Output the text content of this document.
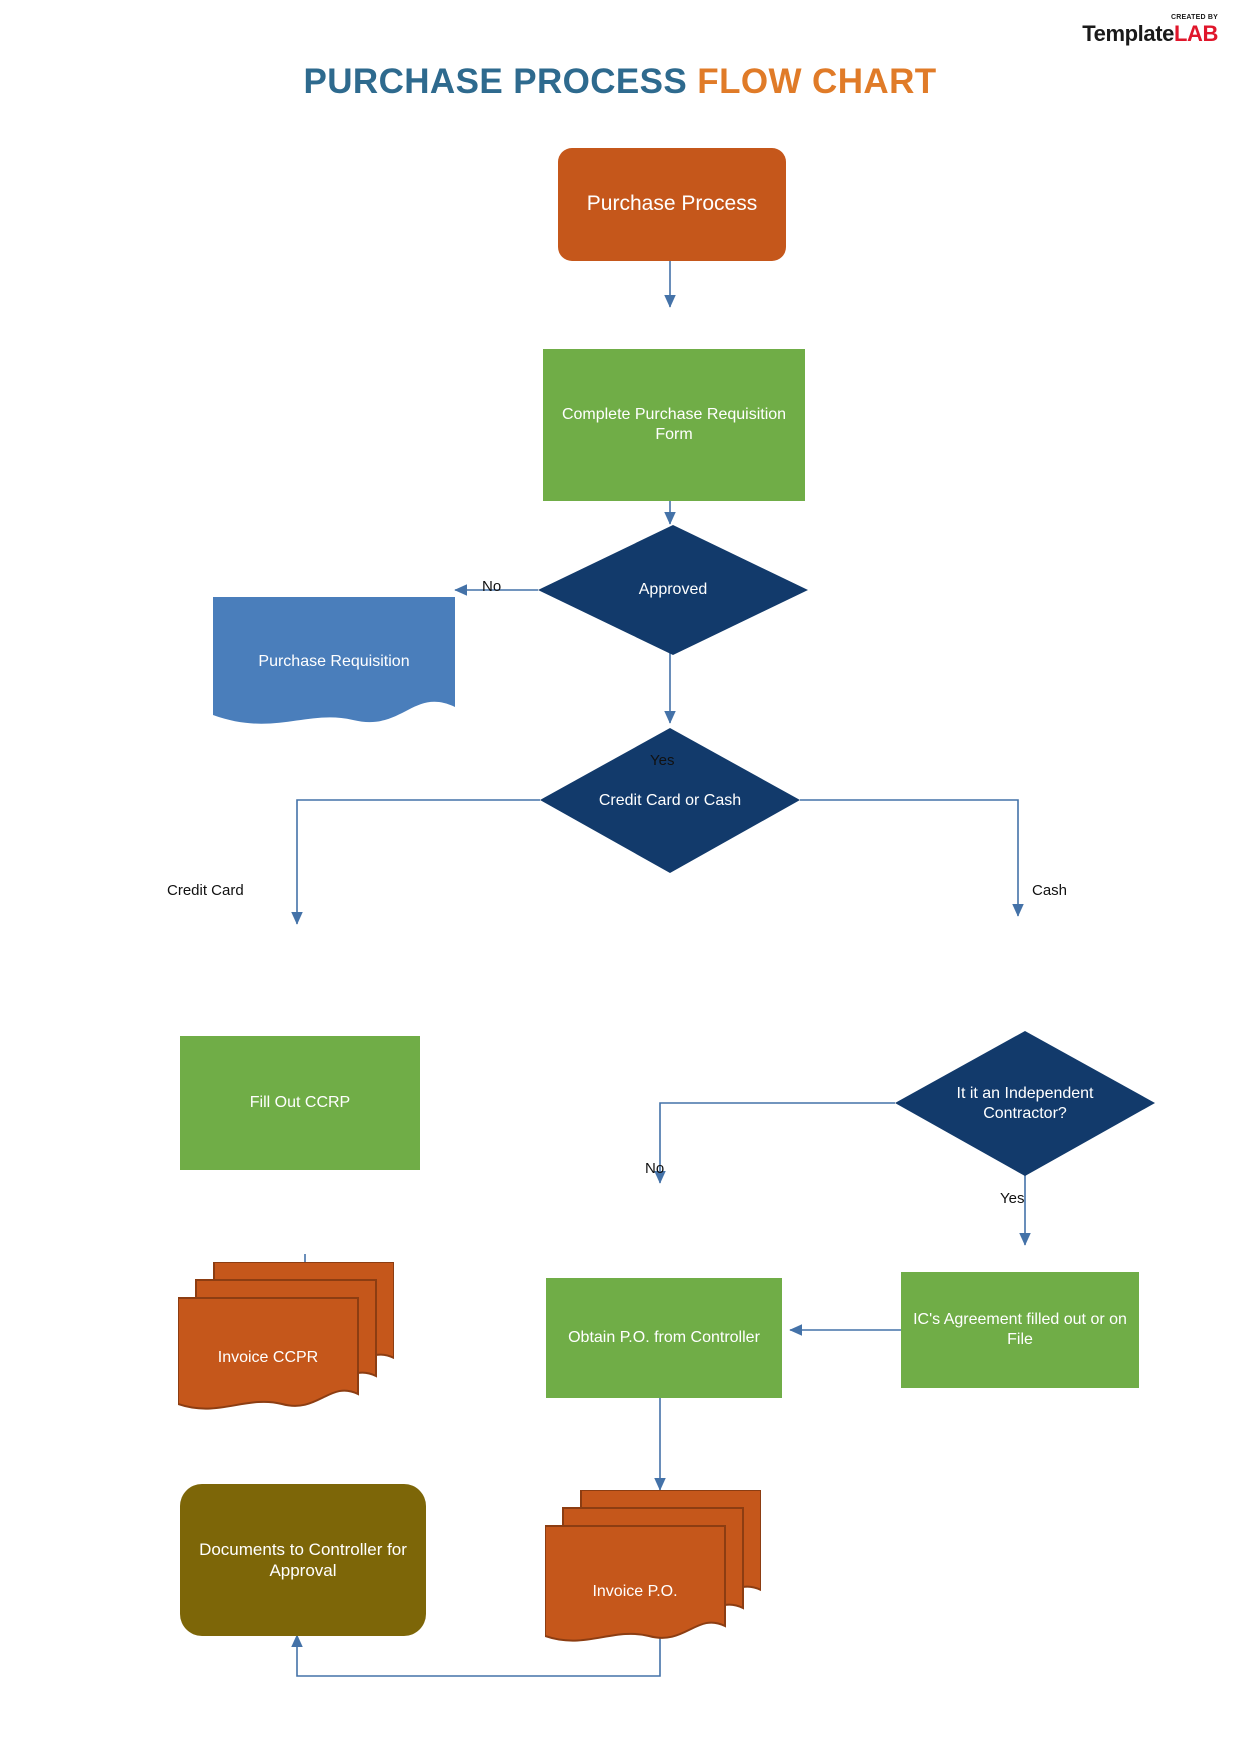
CREATED BY
TemplateLAB
PURCHASE PROCESS FLOW CHART
Purchase Process
Complete Purchase Requisition Form
Approved
Purchase Requisition
Credit Card or Cash
Fill Out CCRP
It it an Independent Contractor?
Invoice CCPR
Obtain P.O. from Controller
IC's Agreement filled out or on File
Documents to Controller for Approval
Invoice P.O.
No
Yes
Credit Card	Cash
No
Yes
